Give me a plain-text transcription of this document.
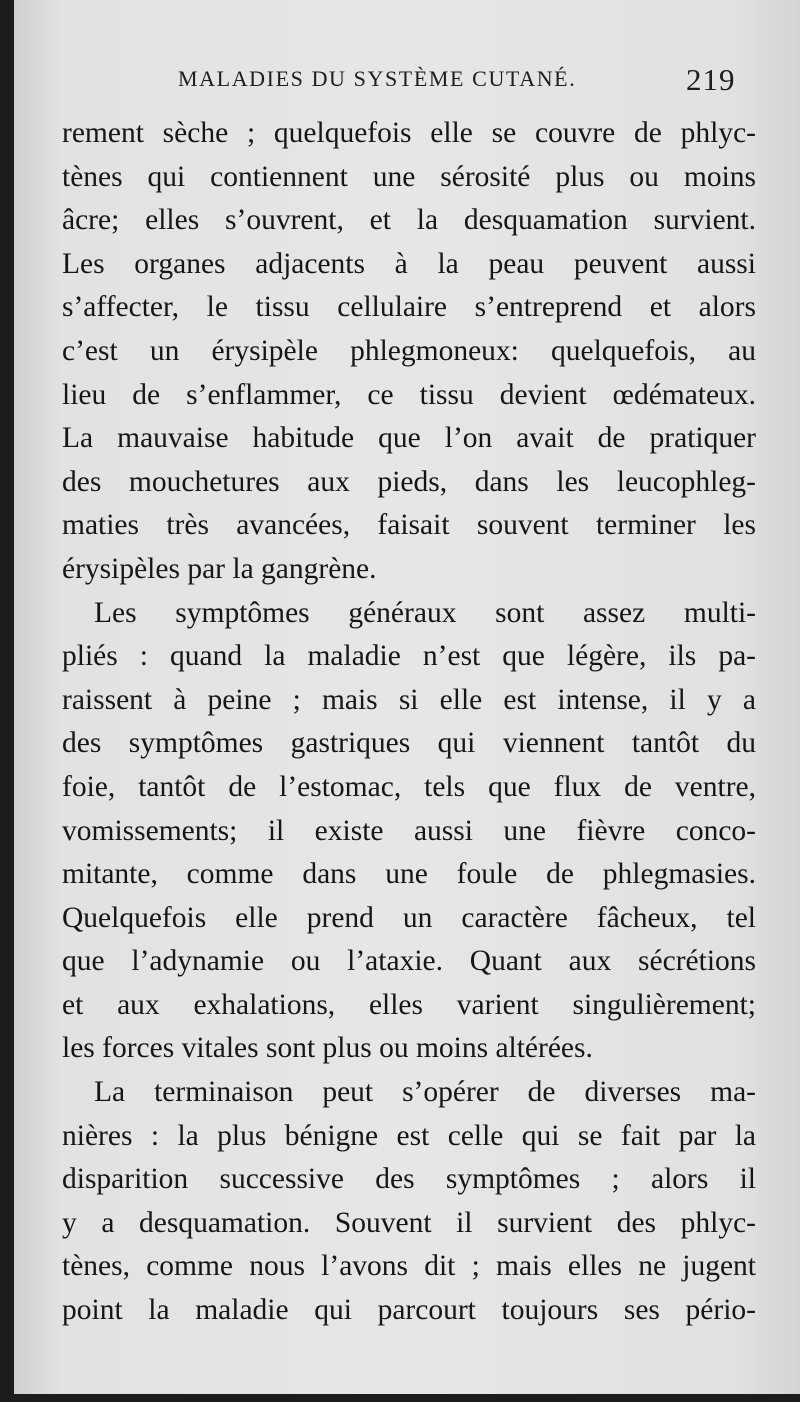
MALADIES DU SYSTÈME CUTANÉ.	219
rement sèche ; quelquefois elle se couvre de phlyc-
tènes qui contiennent une sérosité plus ou moins
âcre; elles s’ouvrent, et la desquamation survient.
Les organes adjacents à la peau peuvent aussi
s’affecter, le tissu cellulaire s’entreprend et alors
c’est un érysipèle phlegmoneux: quelquefois, au
lieu de s’enflammer, ce tissu devient œdémateux.
La mauvaise habitude que l’on avait de pratiquer
des mouchetures aux pieds, dans les leucophleg-
maties très avancées, faisait souvent terminer les
érysipèles par la gangrène.
Les symptômes généraux sont assez multi-
pliés : quand la maladie n’est que légère, ils pa-
raissent à peine ; mais si elle est intense, il y a
des symptômes gastriques qui viennent tantôt du
foie, tantôt de l’estomac, tels que flux de ventre,
vomissements; il existe aussi une fièvre conco-
mitante, comme dans une foule de phlegmasies.
Quelquefois elle prend un caractère fâcheux, tel
que l’adynamie ou l’ataxie. Quant aux sécrétions
et aux exhalations, elles varient singulièrement;
les forces vitales sont plus ou moins altérées.
La terminaison peut s’opérer de diverses ma-
nières : la plus bénigne est celle qui se fait par la
disparition successive des symptômes ; alors il
y a desquamation. Souvent il survient des phlyc-
tènes, comme nous l’avons dit ; mais elles ne jugent
point la maladie qui parcourt toujours ses pério-
